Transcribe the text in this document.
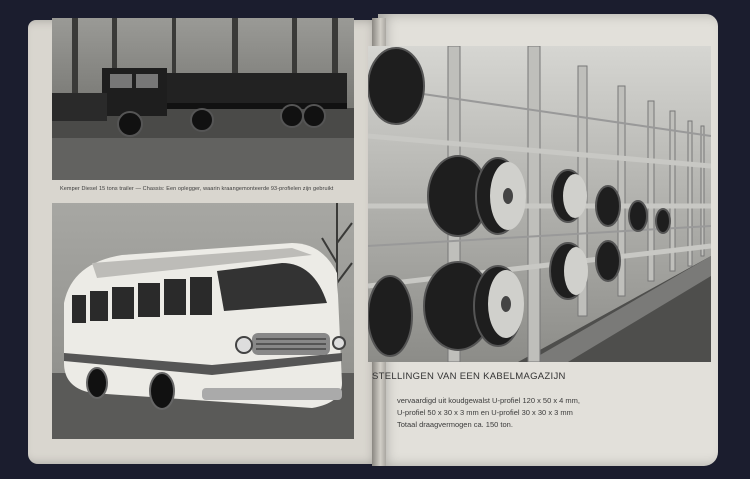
Kemper Diesel 15 tons trailer — Chassis: Een oplegger, waarin kraangemonteerde 93-profielen zijn gebruikt
STELLINGEN VAN EEN KABELMAGAZIJN
vervaardigd uit koudgewalst U-profiel 120 x 50 x 4 mm,
U-profiel 50 x 30 x 3 mm en U-profiel 30 x 30 x 3 mm
Totaal draagvermogen ca. 150 ton.
